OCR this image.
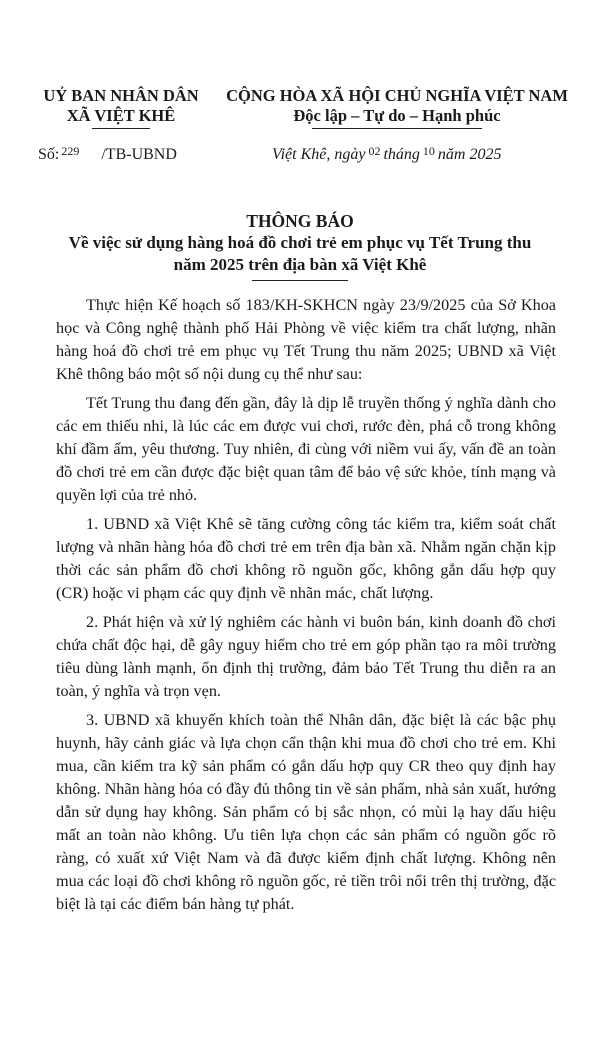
UỶ BAN NHÂN DÂN
XÃ VIỆT KHÊ
CỘNG HÒA XÃ HỘI CHỦ NGHĨA VIỆT NAM
Độc lập – Tự do – Hạnh phúc
Số: $^{229}$ /TB-UBND	Việt Khê, ngày $^{02}$ tháng $^{10}$ năm 2025
THÔNG BÁO
Về việc sử dụng hàng hoá đồ chơi trẻ em phục vụ Tết Trung thu
năm 2025 trên địa bàn xã Việt Khê

Thực hiện Kế hoạch số 183/KH-SKHCN ngày 23/9/2025 của Sở Khoa học và Công nghệ thành phố Hải Phòng về việc kiểm tra chất lượng, nhãn hàng hoá đồ chơi trẻ em phục vụ Tết Trung thu năm 2025; UBND xã Việt Khê thông báo một số nội dung cụ thể như sau:

Tết Trung thu đang đến gần, đây là dịp lễ truyền thống ý nghĩa dành cho các em thiếu nhi, là lúc các em được vui chơi, rước đèn, phá cỗ trong không khí đầm ấm, yêu thương. Tuy nhiên, đi cùng với niềm vui ấy, vấn đề an toàn đồ chơi trẻ em cần được đặc biệt quan tâm để bảo vệ sức khỏe, tính mạng và quyền lợi của trẻ nhỏ.

1. UBND xã Việt Khê sẽ tăng cường công tác kiểm tra, kiểm soát chất lượng và nhãn hàng hóa đồ chơi trẻ em trên địa bàn xã. Nhằm ngăn chặn kịp thời các sản phẩm đồ chơi không rõ nguồn gốc, không gắn dấu hợp quy (CR) hoặc vi phạm các quy định về nhãn mác, chất lượng.

2. Phát hiện và xử lý nghiêm các hành vi buôn bán, kinh doanh đồ chơi chứa chất độc hại, dễ gây nguy hiểm cho trẻ em góp phần tạo ra môi trường tiêu dùng lành mạnh, ổn định thị trường, đảm bảo Tết Trung thu diễn ra an toàn, ý nghĩa và trọn vẹn.

3. UBND xã khuyến khích toàn thể Nhân dân, đặc biệt là các bậc phụ huynh, hãy cảnh giác và lựa chọn cẩn thận khi mua đồ chơi cho trẻ em. Khi mua, cần kiểm tra kỹ sản phẩm có gắn dấu hợp quy CR theo quy định hay không. Nhãn hàng hóa có đầy đủ thông tin về sản phẩm, nhà sản xuất, hướng dẫn sử dụng hay không. Sản phẩm có bị sắc nhọn, có mùi lạ hay dấu hiệu mất an toàn nào không. Ưu tiên lựa chọn các sản phẩm có nguồn gốc rõ ràng, có xuất xứ Việt Nam và đã được kiểm định chất lượng. Không nên mua các loại đồ chơi không rõ nguồn gốc, rẻ tiền trôi nổi trên thị trường, đặc biệt là tại các điểm bán hàng tự phát.
